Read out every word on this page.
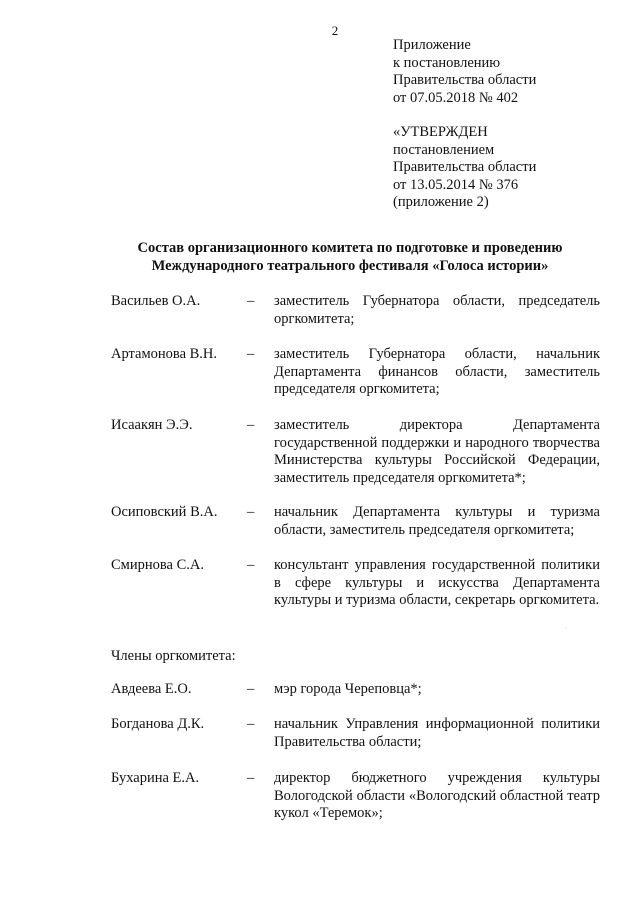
2
Приложение
к постановлению
Правительства области
от 07.05.2018 № 402
«УТВЕРЖДЕН
постановлением
Правительства области
от 13.05.2014 № 376
(приложение 2)
Состав организационного комитета по подготовке и проведению
Международного театрального фестиваля «Голоса истории»
Васильев О.А.	– заместитель Губернатора области, председатель оргкомитета;
Артамонова В.Н. – заместитель Губернатора области, начальник Департамента финансов области, заместитель председателя оргкомитета;
Исаакян Э.Э.	– заместитель директора Департамента государственной поддержки и народного творчества Министерства культуры Российской Федерации, заместитель председателя оргкомитета*;
Осиповский В.А. – начальник Департамента культуры и туризма области, заместитель председателя оргкомитета;
Смирнова С.А.	– консультант управления государственной политики в сфере культуры и искусства Департамента культуры и туризма области, секретарь оргкомитета.
Члены оргкомитета:
Авдеева Е.О.	– мэр города Череповца*;
Богданова Д.К.	– начальник Управления информационной политики Правительства области;
Бухарина Е.А.	– директор бюджетного учреждения культуры Вологодской области «Вологодский областной театр кукол «Теремок»;
